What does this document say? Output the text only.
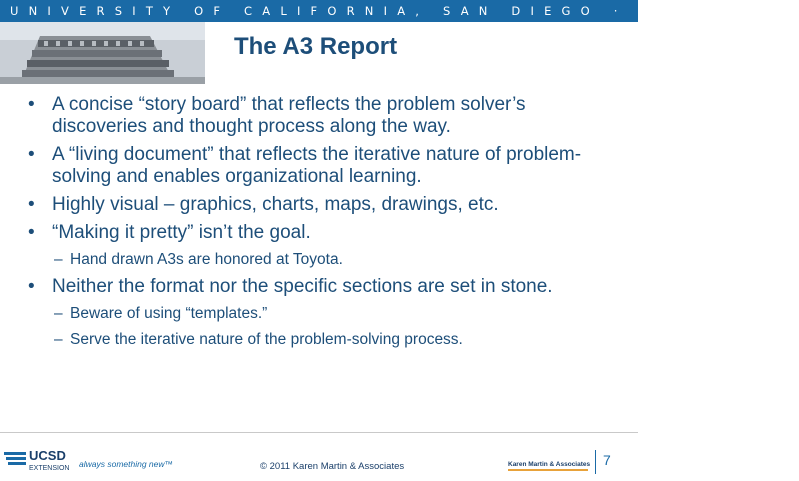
UNIVERSITY OF CALIFORNIA, SAN DIEGO · EXTENSION
The A3 Report
• A concise “story board” that reflects the problem solver’s discoveries and thought process along the way.
• A “living document” that reflects the iterative nature of problem-solving and enables organizational learning.
• Highly visual – graphics, charts, maps, drawings, etc.
• “Making it pretty” isn’t the goal.
– Hand drawn A3s are honored at Toyota.
• Neither the format nor the specific sections are set in stone.
– Beware of using “templates.”
– Serve the iterative nature of the problem-solving process.
UCSD
EXTENSION always something new™	© 2011 Karen Martin & Associates	Karen Martin & Associates 7
